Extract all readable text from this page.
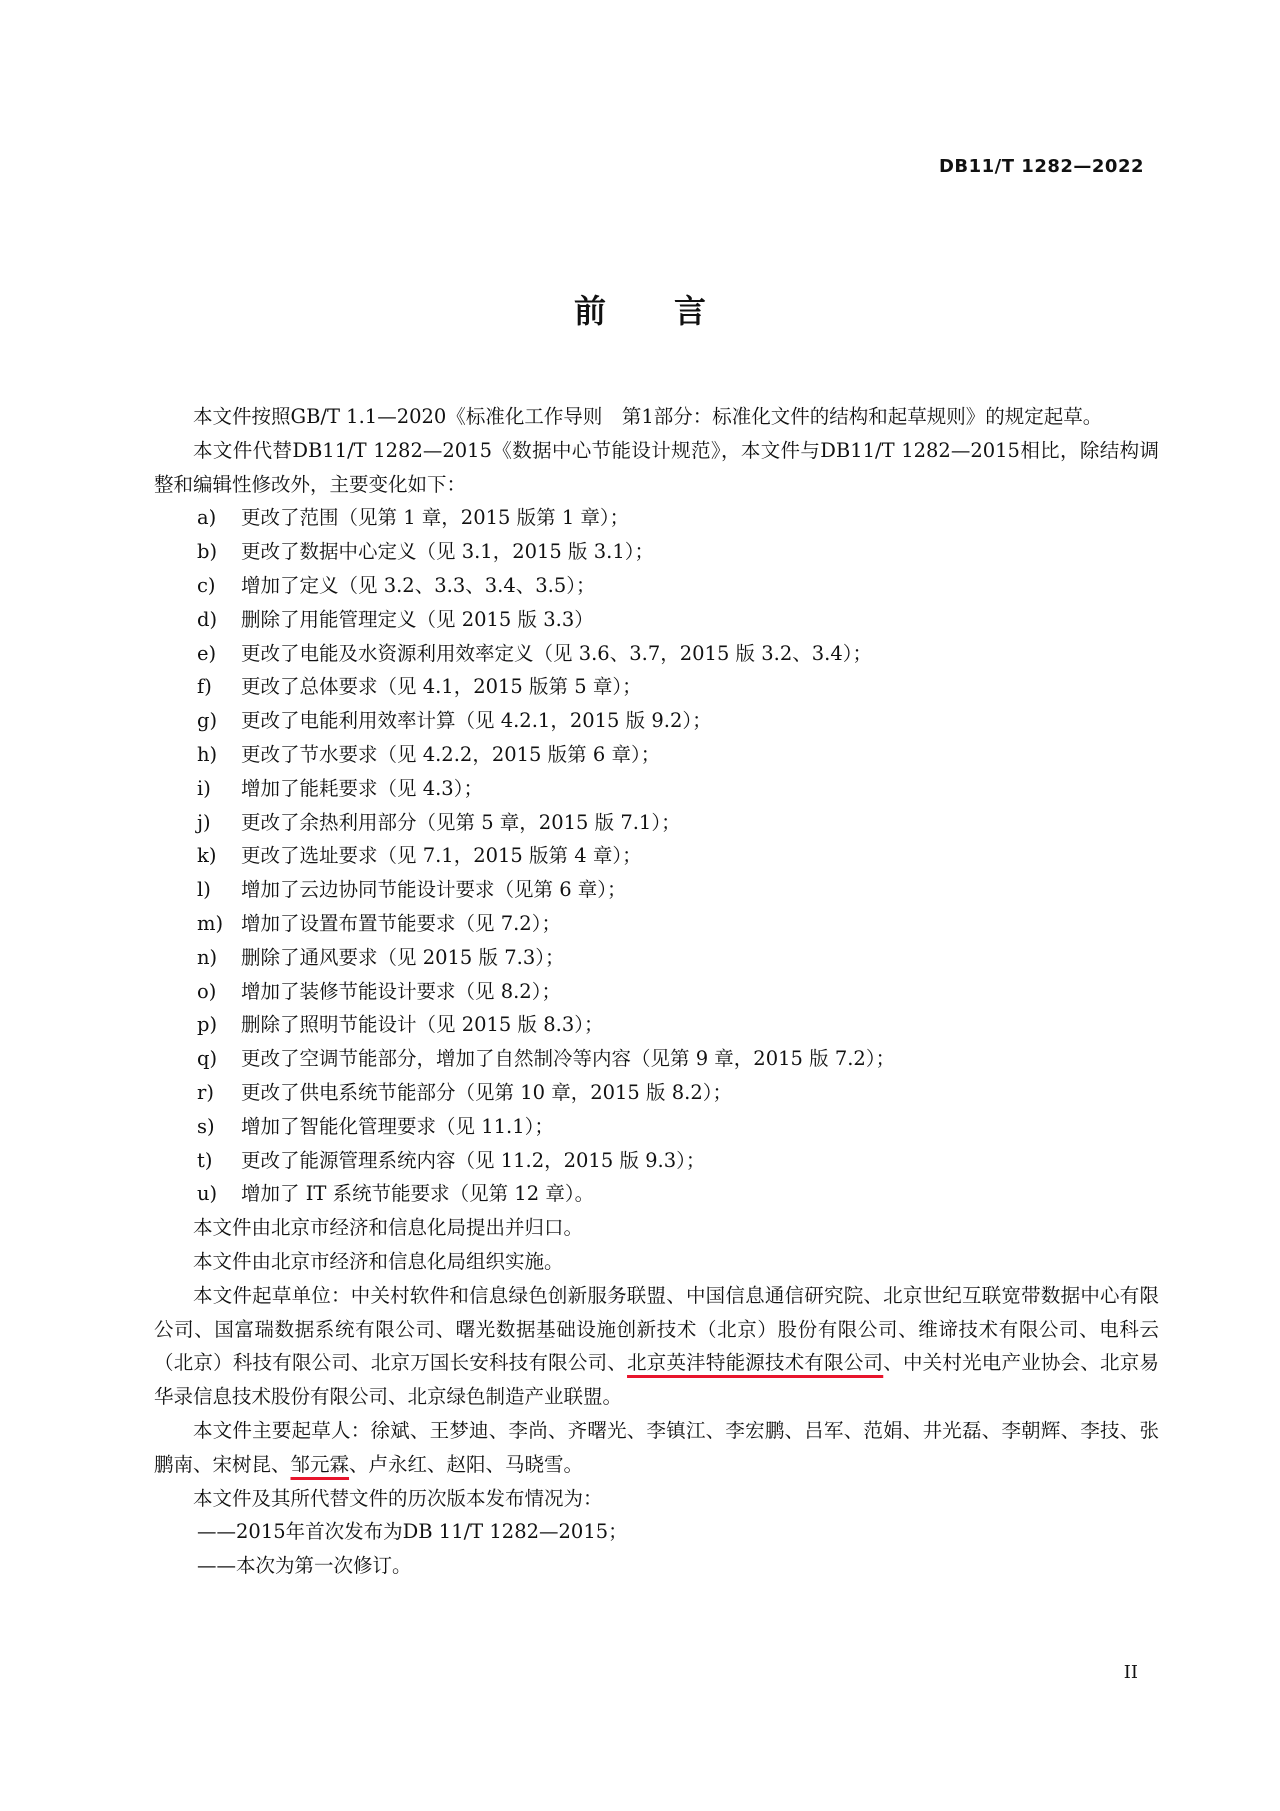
DB11/T 1282—2022
前 言

本文件按照GB/T 1.1—2020《标准化工作导则　第1部分：标准化文件的结构和起草规则》的规定起草。

本文件代替DB11/T 1282—2015《数据中心节能设计规范》，本文件与DB11/T 1282—2015相比，除结构调整和编辑性修改外，主要变化如下：

a) 更改了范围（见第 1 章，2015 版第 1 章）；

b) 更改了数据中心定义（见 3.1，2015 版 3.1）；

c) 增加了定义（见 3.2、3.3、3.4、3.5）；

d) 删除了用能管理定义（见 2015 版 3.3）

e) 更改了电能及水资源利用效率定义（见 3.6、3.7，2015 版 3.2、3.4）；

f) 更改了总体要求（见 4.1，2015 版第 5 章）；

g) 更改了电能利用效率计算（见 4.2.1，2015 版 9.2）；

h) 更改了节水要求（见 4.2.2，2015 版第 6 章）；

i) 增加了能耗要求（见 4.3）；

j) 更改了余热利用部分（见第 5 章，2015 版 7.1）；

k) 更改了选址要求（见 7.1，2015 版第 4 章）；

l) 增加了云边协同节能设计要求（见第 6 章）；

m) 增加了设置布置节能要求（见 7.2）；

n) 删除了通风要求（见 2015 版 7.3）；

o) 增加了装修节能设计要求（见 8.2）；

p) 删除了照明节能设计（见 2015 版 8.3）；

q) 更改了空调节能部分，增加了自然制冷等内容（见第 9 章，2015 版 7.2）；

r) 更改了供电系统节能部分（见第 10 章，2015 版 8.2）；

s) 增加了智能化管理要求（见 11.1）；

t) 更改了能源管理系统内容（见 11.2，2015 版 9.3）；

u) 增加了 IT 系统节能要求（见第 12 章）。

本文件由北京市经济和信息化局提出并归口。

本文件由北京市经济和信息化局组织实施。

本文件起草单位：中关村软件和信息绿色创新服务联盟、中国信息通信研究院、北京世纪互联宽带数据中心有限公司、国富瑞数据系统有限公司、曙光数据基础设施创新技术（北京）股份有限公司、维谛技术有限公司、电科云（北京）科技有限公司、北京万国长安科技有限公司、北京英沣特能源技术有限公司、中关村光电产业协会、北京易华录信息技术股份有限公司、北京绿色制造产业联盟。

本文件主要起草人：徐斌、王梦迪、李尚、齐曙光、李镇江、李宏鹏、吕军、范娟、井光磊、李朝辉、李技、张鹏南、宋树昆、邹元霖、卢永红、赵阳、马晓雪。

本文件及其所代替文件的历次版本发布情况为：

——2015年首次发布为DB 11/T 1282—2015；

——本次为第一次修订。

II
